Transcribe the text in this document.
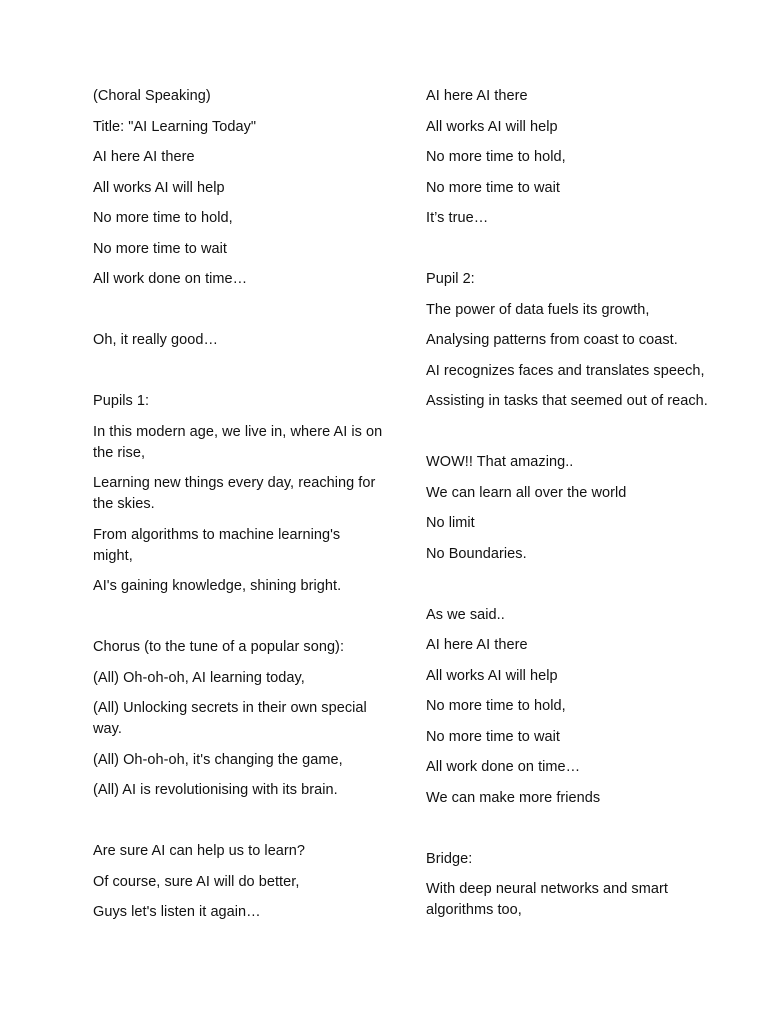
(Choral Speaking)

Title: "AI Learning Today"

AI here AI there

All works AI will help

No more time to hold,

No more time to wait

All work done on time…

Oh, it really good…

Pupils 1:

In this modern age, we live in, where AI is on the rise,

Learning new things every day, reaching for the skies.

From algorithms to machine learning's might,

AI's gaining knowledge, shining bright.

Chorus (to the tune of a popular song):

(All) Oh-oh-oh, AI learning today,

(All) Unlocking secrets in their own special way.

(All) Oh-oh-oh, it's changing the game,

(All) AI is revolutionising with its brain.

Are sure AI can help us to learn?

Of course, sure AI will do better,

Guys let's listen it again…

AI here AI there

All works AI will help

No more time to hold,

No more time to wait

It’s true…

Pupil 2:

The power of data fuels its growth,

Analysing patterns from coast to coast.

AI recognizes faces and translates speech,

Assisting in tasks that seemed out of reach.

WOW!! That amazing..

We can learn all over the world

No limit

No Boundaries.

As we said..

AI here AI there

All works AI will help

No more time to hold,

No more time to wait

All work done on time…

We can make more friends

Bridge:

With deep neural networks and smart algorithms too,
